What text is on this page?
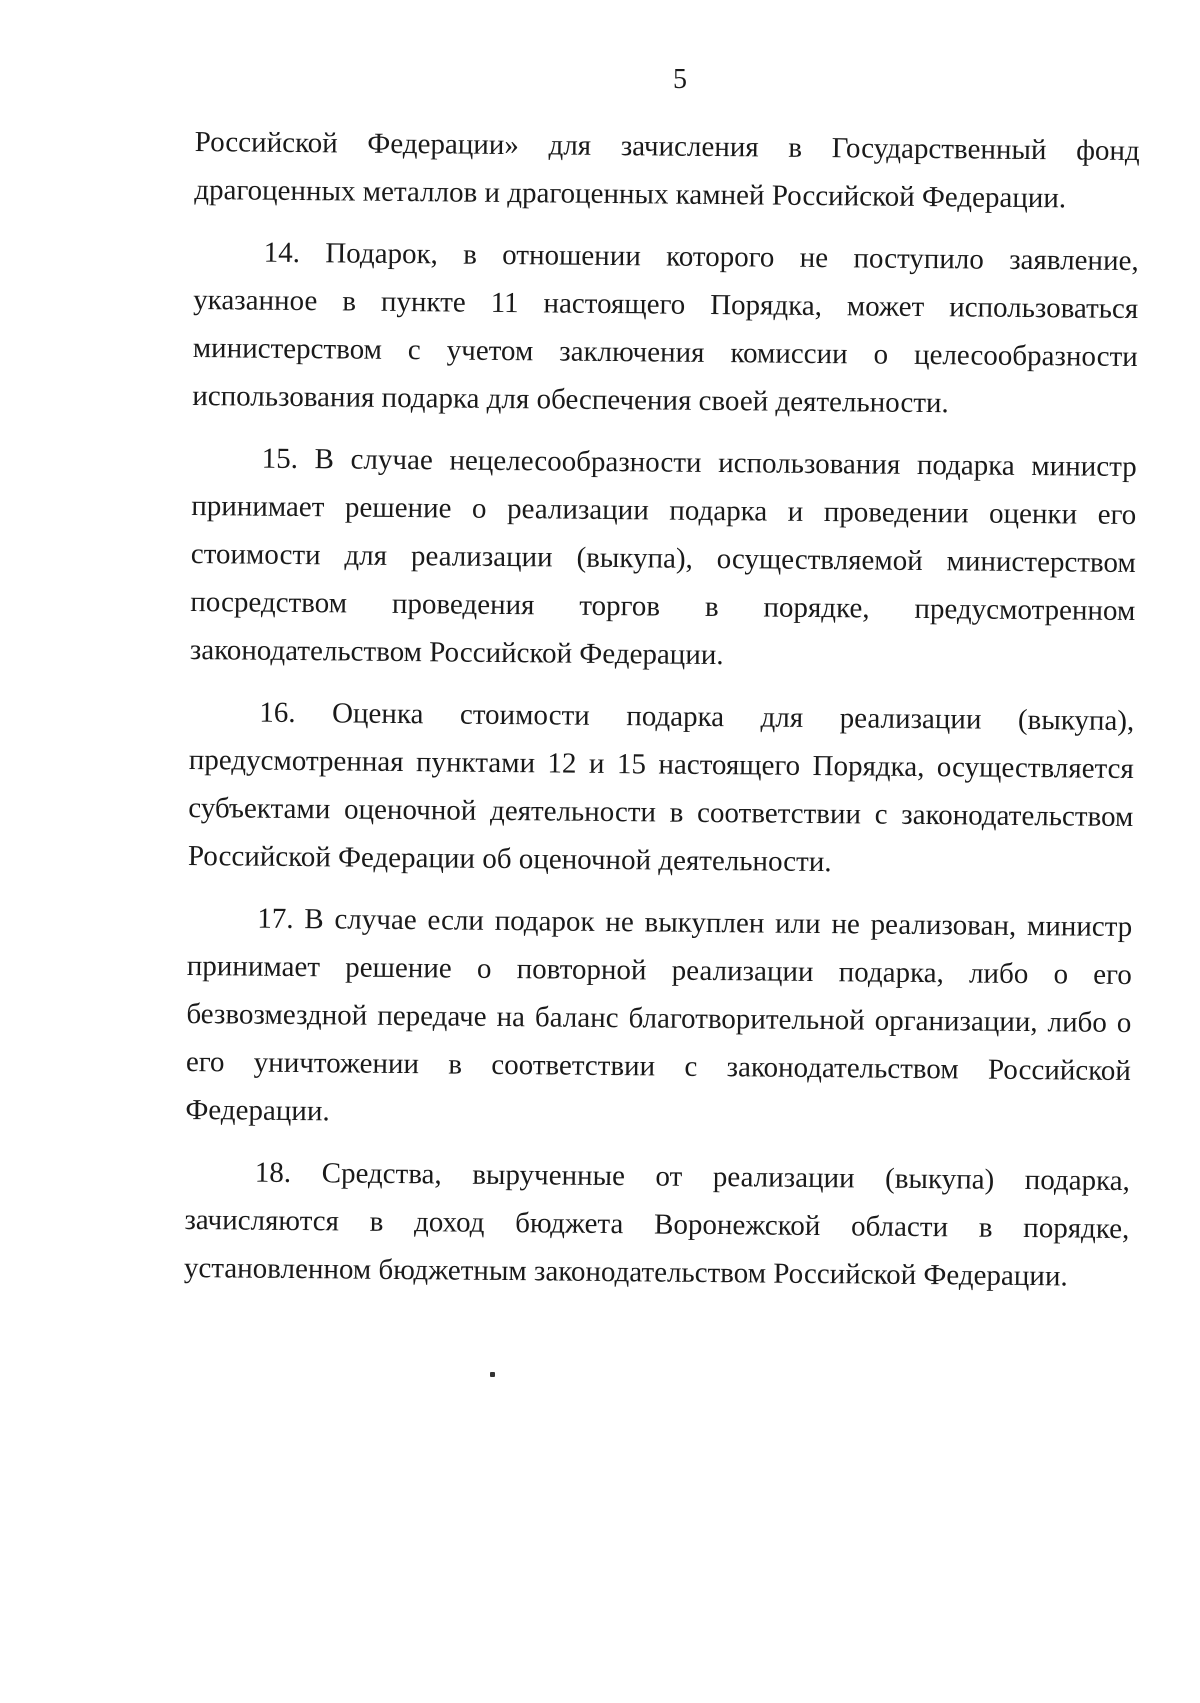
5

Российской Федерации» для зачисления в Государственный фонд драгоценных металлов и драгоценных камней Российской Федерации.

14. Подарок, в отношении которого не поступило заявление, указанное в пункте 11 настоящего Порядка, может использоваться министерством с учетом заключения комиссии о целесообразности использования подарка для обеспечения своей деятельности.

15. В случае нецелесообразности использования подарка министр принимает решение о реализации подарка и проведении оценки его стоимости для реализации (выкупа), осуществляемой министерством посредством проведения торгов в порядке, предусмотренном законодательством Российской Федерации.

16. Оценка стоимости подарка для реализации (выкупа), предусмотренная пунктами 12 и 15 настоящего Порядка, осуществляется субъектами оценочной деятельности в соответствии с законодательством Российской Федерации об оценочной деятельности.

17. В случае если подарок не выкуплен или не реализован, министр принимает решение о повторной реализации подарка, либо о его безвозмездной передаче на баланс благотворительной организации, либо о его уничтожении в соответствии с законодательством Российской Федерации.

18. Средства, вырученные от реализации (выкупа) подарка, зачисляются в доход бюджета Воронежской области в порядке, установленном бюджетным законодательством Российской Федерации.
